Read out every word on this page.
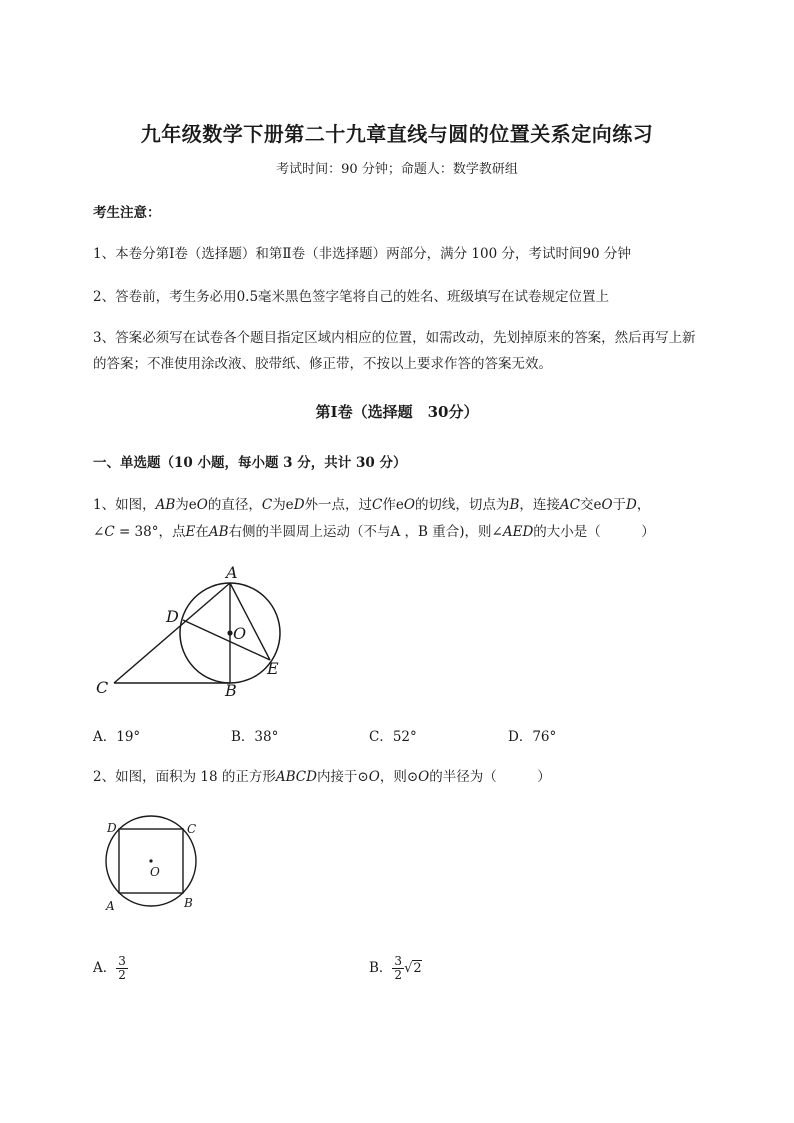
九年级数学下册第二十九章直线与圆的位置关系定向练习
考试时间：90 分钟；命题人：数学教研组
考生注意：
1、本卷分第Ⅰ卷（选择题）和第Ⅱ卷（非选择题）两部分，满分 100 分，考试时间90 分钟
2、答卷前，考生务必用0.5毫米黑色签字笔将自己的姓名、班级填写在试卷规定位置上
3、答案必须写在试卷各个题目指定区域内相应的位置，如需改动，先划掉原来的答案，然后再写上新
的答案；不准使用涂改液、胶带纸、修正带，不按以上要求作答的答案无效。
第Ⅰ卷（选择题　30分）
一、单选题（10 小题，每小题 3 分，共计 30 分）
1、如图，AB为eO的直径，C为eD外一点，过C作eO的切线，切点为B，连接AC交eO于D，
∠C = 38°，点E在AB右侧的半圆周上运动（不与A ，B 重合)，则∠AED的大小是（　　　）
A
B
C
D
E
O
A．19°	B．38°	C．52°	D．76°
2、如图，面积为 18 的正方形ABCD内接于⊙O，则⊙O的半径为（　　　）
A	B
C
D
O
A． $\frac{3}{2}$	B． $\frac{3}{2} √2$
